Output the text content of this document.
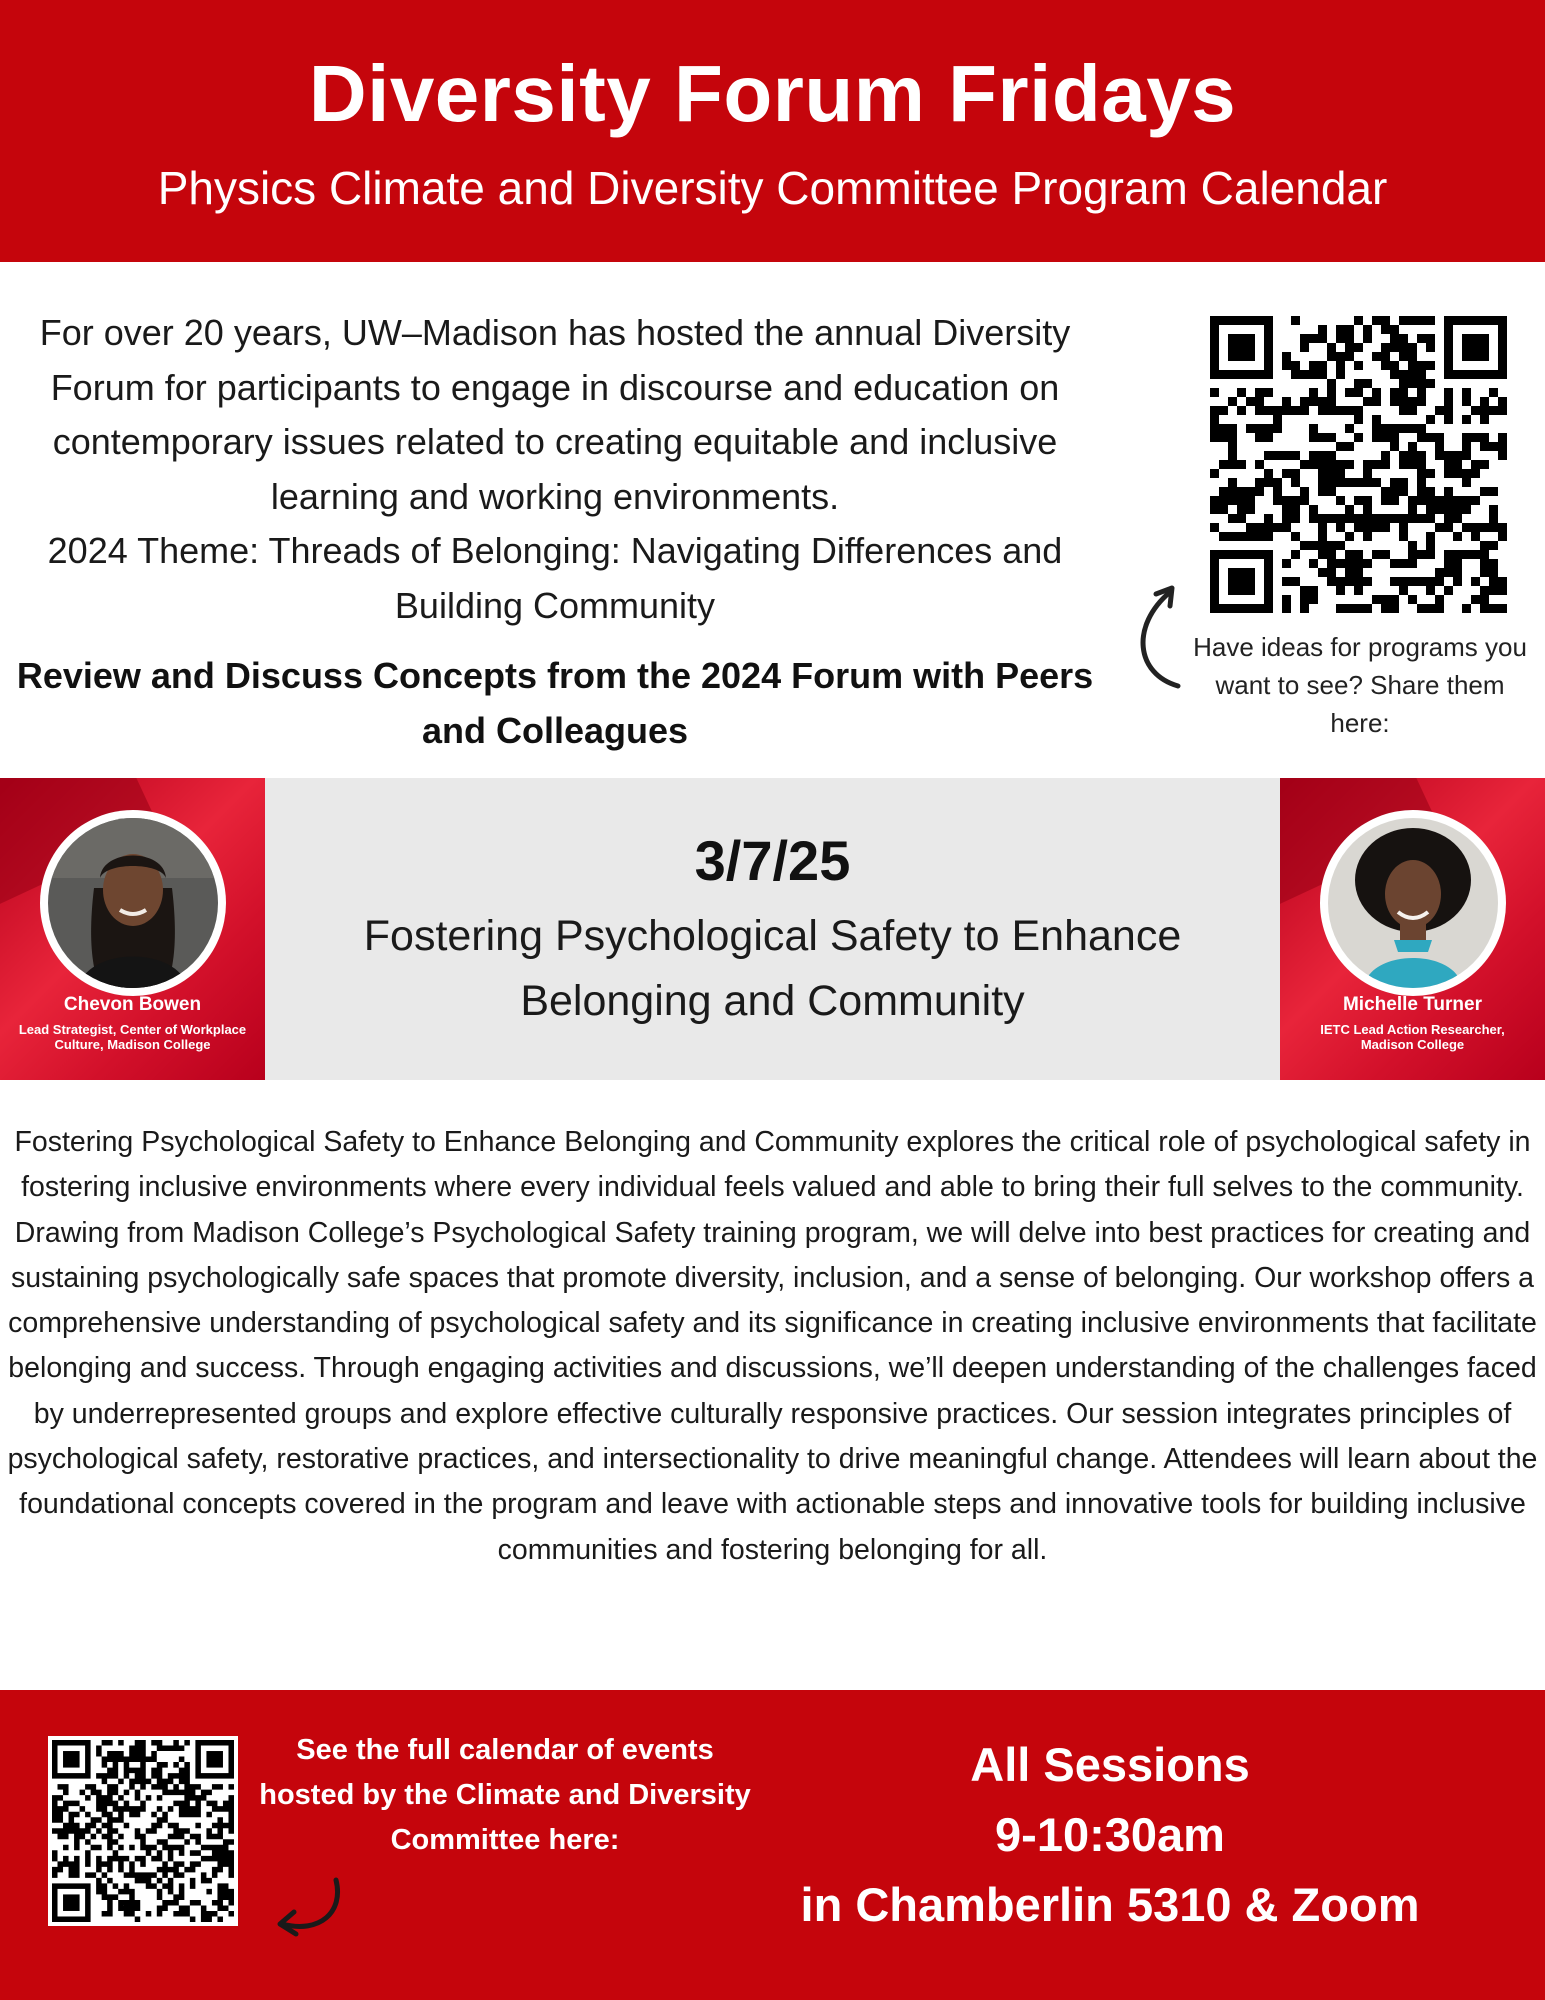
Diversity Forum Fridays
Physics Climate and Diversity Committee Program Calendar

For over 20 years, UW–Madison has hosted the annual Diversity Forum for participants to engage in discourse and education on contemporary issues related to creating equitable and inclusive learning and working environments.

2024 Theme: Threads of Belonging: Navigating Differences and Building Community

Review and Discuss Concepts from the 2024 Forum with Peers and Colleagues
Have ideas for programs you want to see? Share them here:
Chevon Bowen
Lead Strategist, Center of Workplace Culture, Madison College
Michelle Turner
IETC Lead Action Researcher, Madison College
3/7/25
Fostering Psychological Safety to Enhance Belonging and Community
Fostering Psychological Safety to Enhance Belonging and Community explores the critical role of psychological safety in fostering inclusive environments where every individual feels valued and able to bring their full selves to the community. Drawing from Madison College’s Psychological Safety training program, we will delve into best practices for creating and sustaining psychologically safe spaces that promote diversity, inclusion, and a sense of belonging. Our workshop offers a comprehensive understanding of psychological safety and its significance in creating inclusive environments that facilitate belonging and success. Through engaging activities and discussions, we’ll deepen understanding of the challenges faced by underrepresented groups and explore effective culturally responsive practices. Our session integrates principles of psychological safety, restorative practices, and intersectionality to drive meaningful change. Attendees will learn about the foundational concepts covered in the program and leave with actionable steps and innovative tools for building inclusive communities and fostering belonging for all.
See the full calendar of events hosted by the Climate and Diversity Committee here:
All Sessions
9-10:30am
in Chamberlin 5310 & Zoom
